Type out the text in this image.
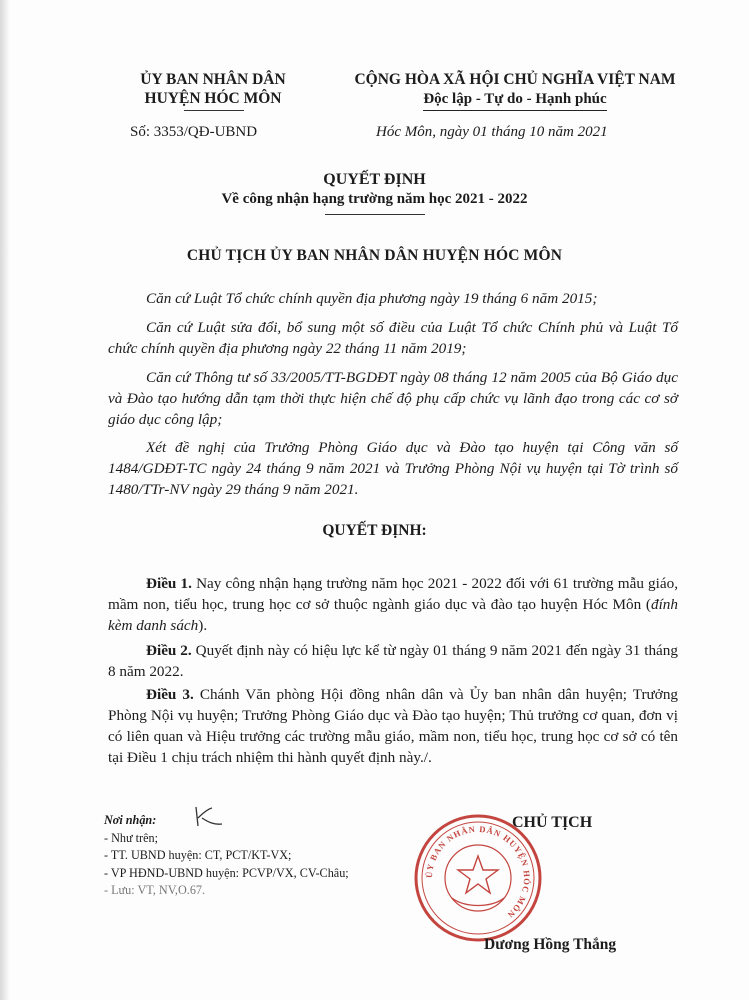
ỦY BAN NHÂN DÂN
HUYỆN HÓC MÔN
CỘNG HÒA XÃ HỘI CHỦ NGHĨA VIỆT NAM
Độc lập - Tự do - Hạnh phúc
Số: 3353/QĐ-UBND	Hóc Môn, ngày 01 tháng 10 năm 2021
QUYẾT ĐỊNH
Về công nhận hạng trường năm học 2021 - 2022
CHỦ TỊCH ỦY BAN NHÂN DÂN HUYỆN HÓC MÔN
Căn cứ Luật Tổ chức chính quyền địa phương ngày 19 tháng 6 năm 2015;
Căn cứ Luật sửa đổi, bổ sung một số điều của Luật Tổ chức Chính phủ và Luật Tổ chức chính quyền địa phương ngày 22 tháng 11 năm 2019;
Căn cứ Thông tư số 33/2005/TT-BGDĐT ngày 08 tháng 12 năm 2005 của Bộ Giáo dục và Đào tạo hướng dẫn tạm thời thực hiện chế độ phụ cấp chức vụ lãnh đạo trong các cơ sở giáo dục công lập;
Xét đề nghị của Trưởng Phòng Giáo dục và Đào tạo huyện tại Công văn số 1484/GDĐT-TC ngày 24 tháng 9 năm 2021 và Trưởng Phòng Nội vụ huyện tại Tờ trình số 1480/TTr-NV ngày 29 tháng 9 năm 2021.
QUYẾT ĐỊNH:
Điều 1. Nay công nhận hạng trường năm học 2021 - 2022 đối với 61 trường mẫu giáo, mầm non, tiểu học, trung học cơ sở thuộc ngành giáo dục và đào tạo huyện Hóc Môn (đính kèm danh sách).
Điều 2. Quyết định này có hiệu lực kể từ ngày 01 tháng 9 năm 2021 đến ngày 31 tháng 8 năm 2022.
Điều 3. Chánh Văn phòng Hội đồng nhân dân và Ủy ban nhân dân huyện; Trưởng Phòng Nội vụ huyện; Trưởng Phòng Giáo dục và Đào tạo huyện; Thủ trưởng cơ quan, đơn vị có liên quan và Hiệu trưởng các trường mẫu giáo, mầm non, tiểu học, trung học cơ sở có tên tại Điều 1 chịu trách nhiệm thi hành quyết định này./.
Nơi nhận:
- Như trên;
- TT. UBND huyện: CT, PCT/KT-VX;
- VP HĐND-UBND huyện: PCVP/VX, CV-Châu;
- Lưu: VT, NV,O.67.
ỦY BAN NHÂN DÂN HUYỆN HÓC MÔN
CHỦ TỊCH
Dương Hồng Thắng
